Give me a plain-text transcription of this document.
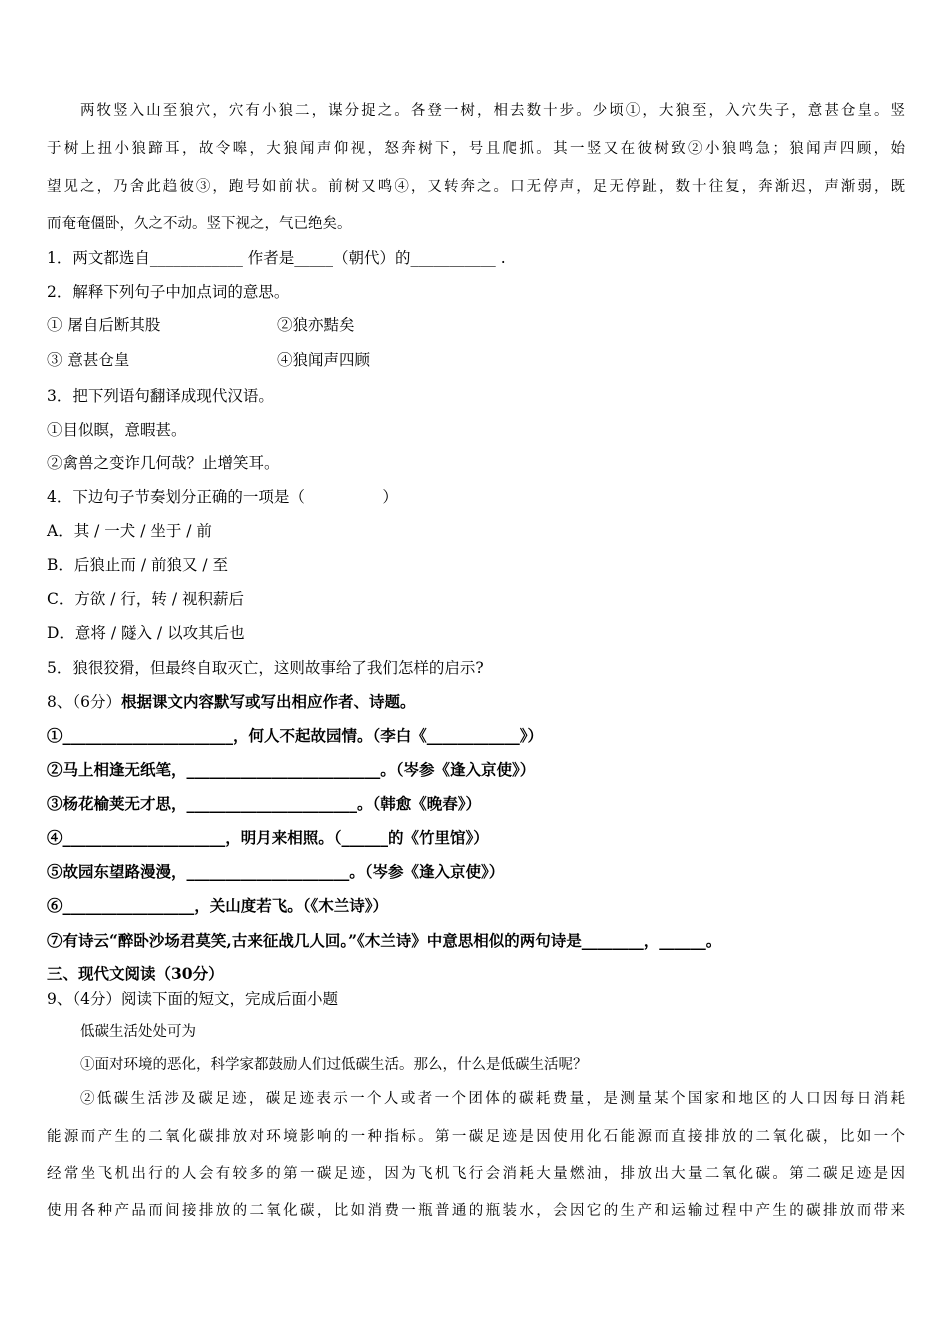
两牧竖入山至狼穴，穴有小狼二，谋分捉之。各登一树，相去数十步。少顷①，大狼至，入穴失子，意甚仓皇。竖
于树上扭小狼蹄耳，故令嗥，大狼闻声仰视，怒奔树下，号且爬抓。其一竖又在彼树致②小狼鸣急；狼闻声四顾，始
望见之，乃舍此趋彼③，跑号如前状。前树又鸣④，又转奔之。口无停声，足无停趾，数十往复，奔渐迟，声渐弱，既
而奄奄僵卧，久之不动。竖下视之，气已绝矣。
1．两文都选自____________ 作者是_____（朝代）的___________ .
2．解释下列句子中加点词的意思。
① 屠自后断其股	②狼亦黠矣
③ 意甚仓皇	④狼闻声四顾
3．把下列语句翻译成现代汉语。
①目似瞑，意暇甚。
②禽兽之变诈几何哉？止增笑耳。
4．下边句子节奏划分正确的一项是（　　　　　）
A．其 / 一犬 / 坐于 / 前
B．后狼止而 / 前狼又 / 至
C．方欲 / 行，转 / 视积薪后
D．意将 / 隧入 / 以攻其后也
5．狼很狡猾，但最终自取灭亡，这则故事给了我们怎样的启示?
8、（6分）根据课文内容默写或写出相应作者、诗题。
①______________________，何人不起故园情。（李白《____________》）
②马上相逢无纸笔，_________________________。（岑参《逢入京使》）
③杨花榆荚无才思，______________________。（韩愈《晚春》）
④_____________________，明月来相照。（______的《竹里馆》）
⑤故园东望路漫漫，_____________________。（岑参《逢入京使》）
⑥_________________，关山度若飞。（《木兰诗》）
⑦有诗云“醉卧沙场君莫笑,古来征战几人回。”《木兰诗》中意思相似的两句诗是________，______。
三、现代文阅读（30分）
9、（4分）阅读下面的短文，完成后面小题
低碳生活处处可为
①面对环境的恶化，科学家都鼓励人们过低碳生活。那么，什么是低碳生活呢？
②低碳生活涉及碳足迹，碳足迹表示一个人或者一个团体的碳耗费量，是测量某个国家和地区的人口因每日消耗
能源而产生的二氧化碳排放对环境影响的一种指标。第一碳足迹是因使用化石能源而直接排放的二氧化碳，比如一个
经常坐飞机出行的人会有较多的第一碳足迹，因为飞机飞行会消耗大量燃油，排放出大量二氧化碳。第二碳足迹是因
使用各种产品而间接排放的二氧化碳，比如消费一瓶普通的瓶装水，会因它的生产和运输过程中产生的碳排放而带来
